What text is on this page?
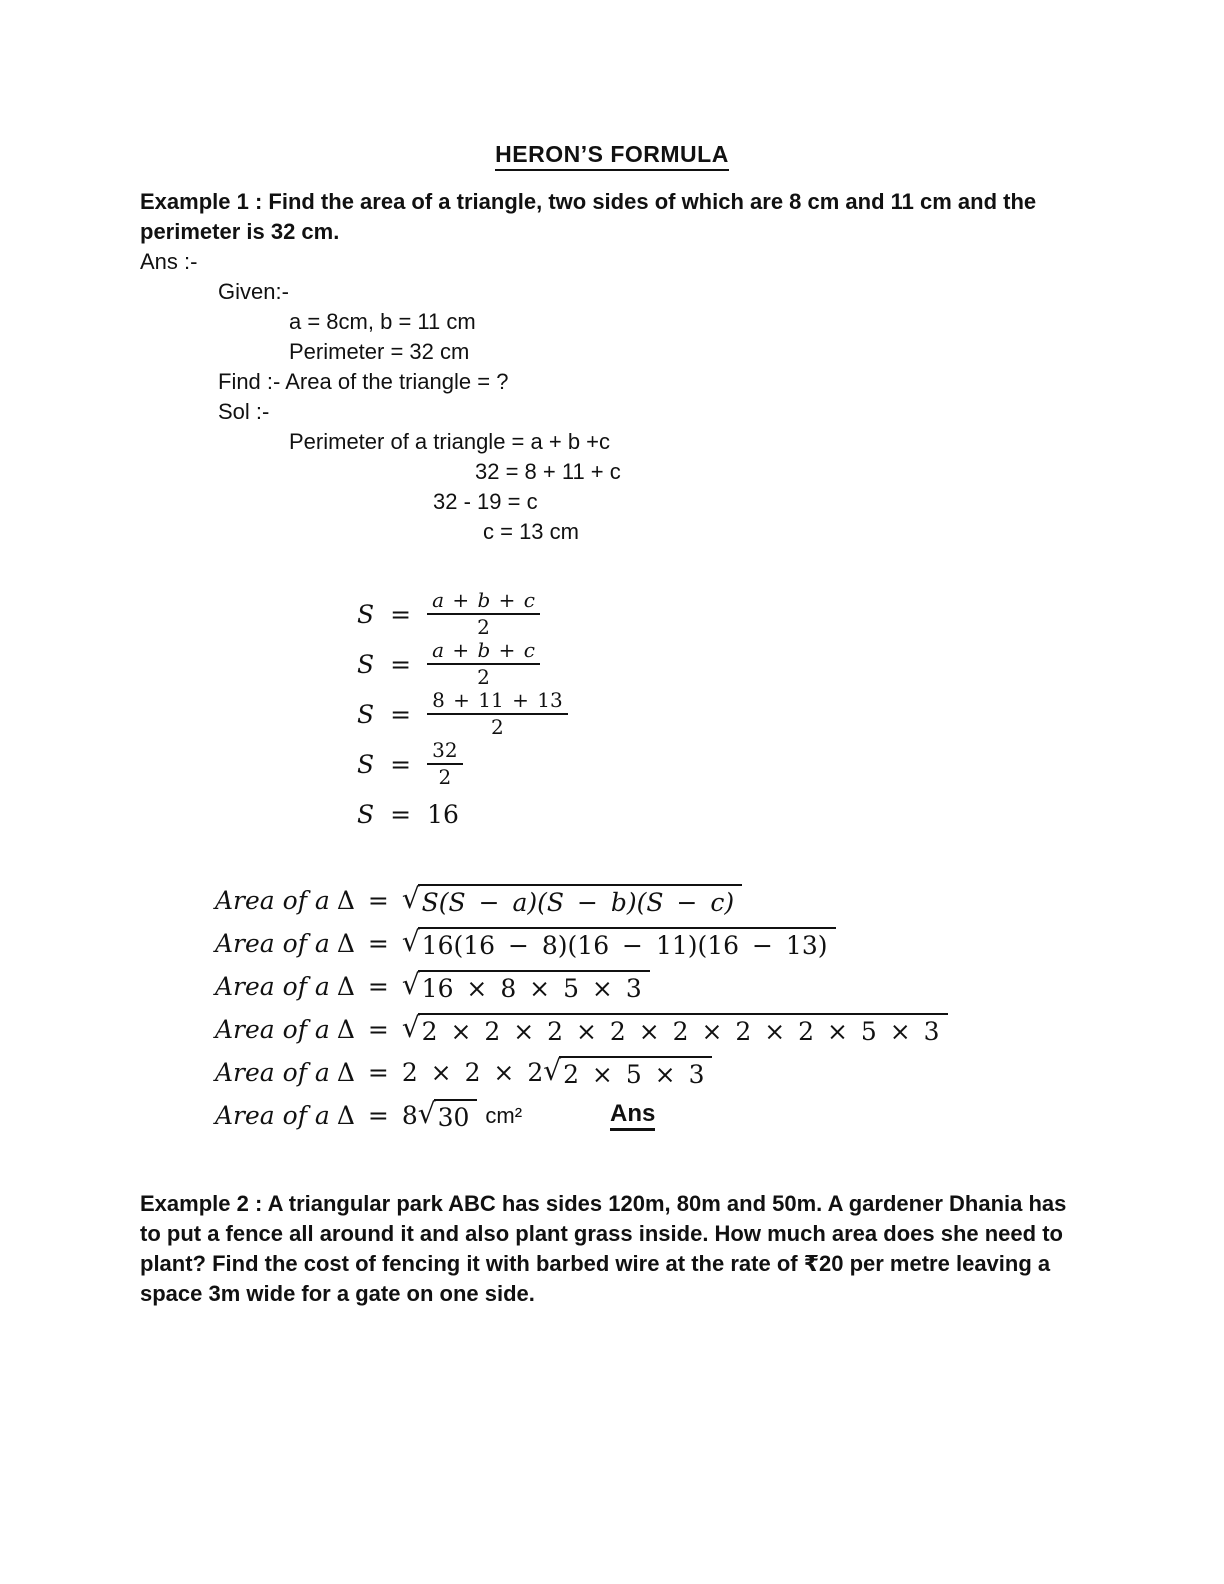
HERON’S FORMULA
Example 1 : Find the area of a triangle, two sides of which are 8 cm and 11 cm and the
perimeter is 32 cm.
Ans :-
Given:-
a = 8cm, b = 11 cm
Perimeter = 32 cm
Find :- Area of the triangle = ?
Sol :-
Perimeter of a triangle = a + b +c
32 = 8 + 11 + c
32 - 19 = c
c = 13 cm
$S = \frac{a + b + c}{2}$
$S = \frac{a + b + c}{2}$
$S = \frac{8 + 11 + 13}{2}$
$S = \frac{32}{2}$
S = 16
Area of a Δ = √ S(S − a)(S − b)(S − c)
Area of a Δ = √ 16(16 − 8)(16 − 11)(16 − 13)
Area of a Δ = √ 16 × 8 × 5 × 3
Area of a Δ = √ 2 × 2 × 2 × 2 × 2 × 2 × 2 × 5 × 3
Area of a Δ = 2 × 2 × 2 √ 2 × 5 × 3
Area of a Δ = 8 √ 30 cm²	Ans
Example 2 : A triangular park ABC has sides 120m, 80m and 50m. A gardener Dhania has
to put a fence all around it and also plant grass inside. How much area does she need to
plant? Find the cost of fencing it with barbed wire at the rate of ₹20 per metre leaving a
space 3m wide for a gate on one side.
